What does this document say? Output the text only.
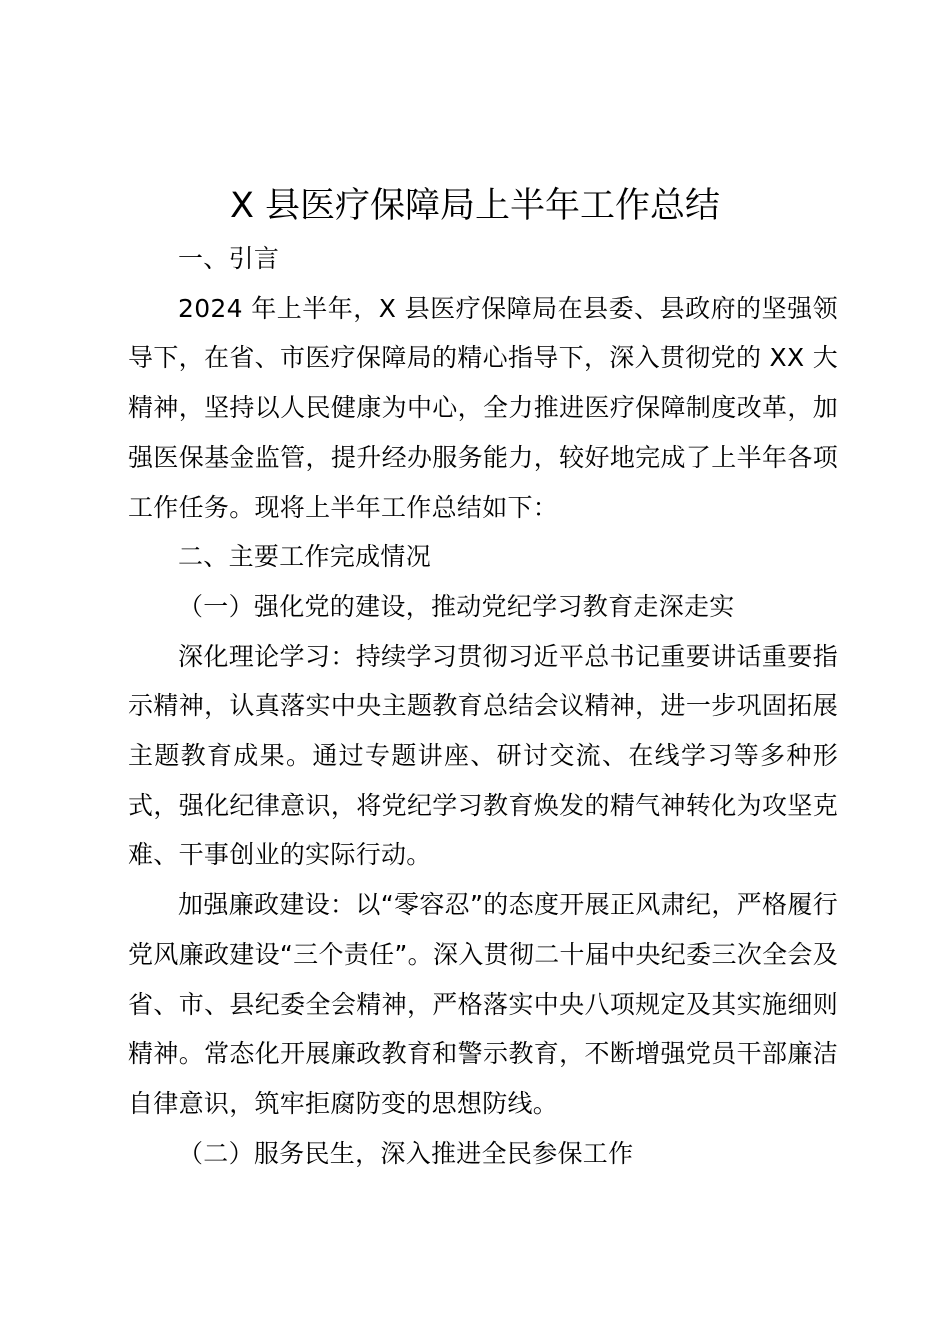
X 县医疗保障局上半年工作总结

一、引言

2024 年上半年，X 县医疗保障局在县委、县政府的坚强领导下，在省、市医疗保障局的精心指导下，深入贯彻党的 XX 大精神，坚持以人民健康为中心，全力推进医疗保障制度改革，加强医保基金监管，提升经办服务能力，较好地完成了上半年各项工作任务。现将上半年工作总结如下：

二、主要工作完成情况

（一）强化党的建设，推动党纪学习教育走深走实

深化理论学习：持续学习贯彻习近平总书记重要讲话重要指示精神，认真落实中央主题教育总结会议精神，进一步巩固拓展主题教育成果。通过专题讲座、研讨交流、在线学习等多种形式，强化纪律意识，将党纪学习教育焕发的精气神转化为攻坚克难、干事创业的实际行动。

加强廉政建设：以“零容忍”的态度开展正风肃纪，严格履行党风廉政建设“三个责任”。深入贯彻二十届中央纪委三次全会及省、市、县纪委全会精神，严格落实中央八项规定及其实施细则精神。常态化开展廉政教育和警示教育，不断增强党员干部廉洁自律意识，筑牢拒腐防变的思想防线。

（二）服务民生，深入推进全民参保工作
